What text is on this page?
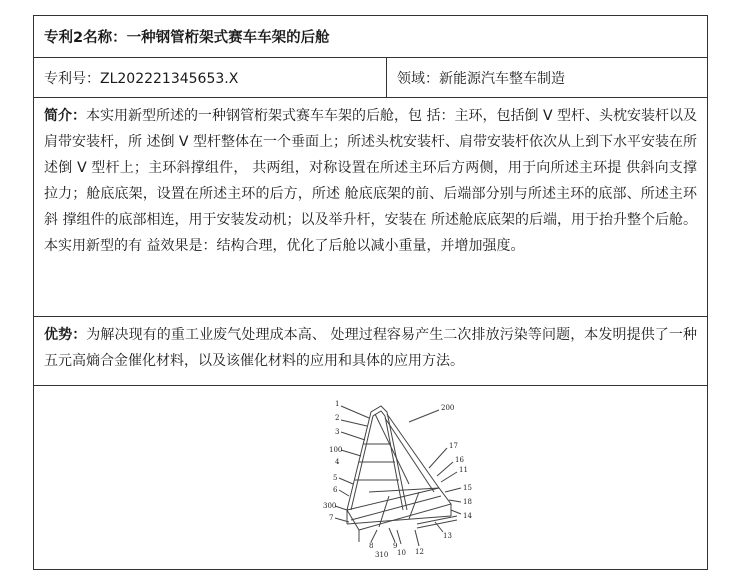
专利2名称：一种钢管桁架式赛车车架的后舱
专利号：ZL202221345653.X	领域：新能源汽车整车制造
简介：本实用新型所述的一种钢管桁架式赛车车架的后舱，包 括：主环，包括倒 V 型杆、头枕安装杆以及肩带安装杆，所 述倒 V 型杆整体在一个垂面上；所述头枕安装杆、肩带安装杆依次从上到下水平安装在所述倒 V 型杆上；主环斜撑组件， 共两组，对称设置在所述主环后方两侧，用于向所述主环提 供斜向支撑拉力；舱底底架，设置在所述主环的后方，所述 舱底底架的前、后端部分别与所述主环的底部、所述主环斜 撑组件的底部相连，用于安装发动机；以及举升杆，安装在 所述舱底底架的后端，用于抬升整个后舱。本实用新型的有 益效果是：结构合理，优化了后舱以减小重量，并增加强度。
优势：为解决现有的重工业废气处理成本高、 处理过程容易产生二次排放污染等问题，本发明提供了一种五元高熵合金催化材料，以及该催化材料的应用和具体的应用方法。
1
2
3
100
4
5
6
300
7
8
310
9
10 12
13
14
18
15
11
16
17
200
